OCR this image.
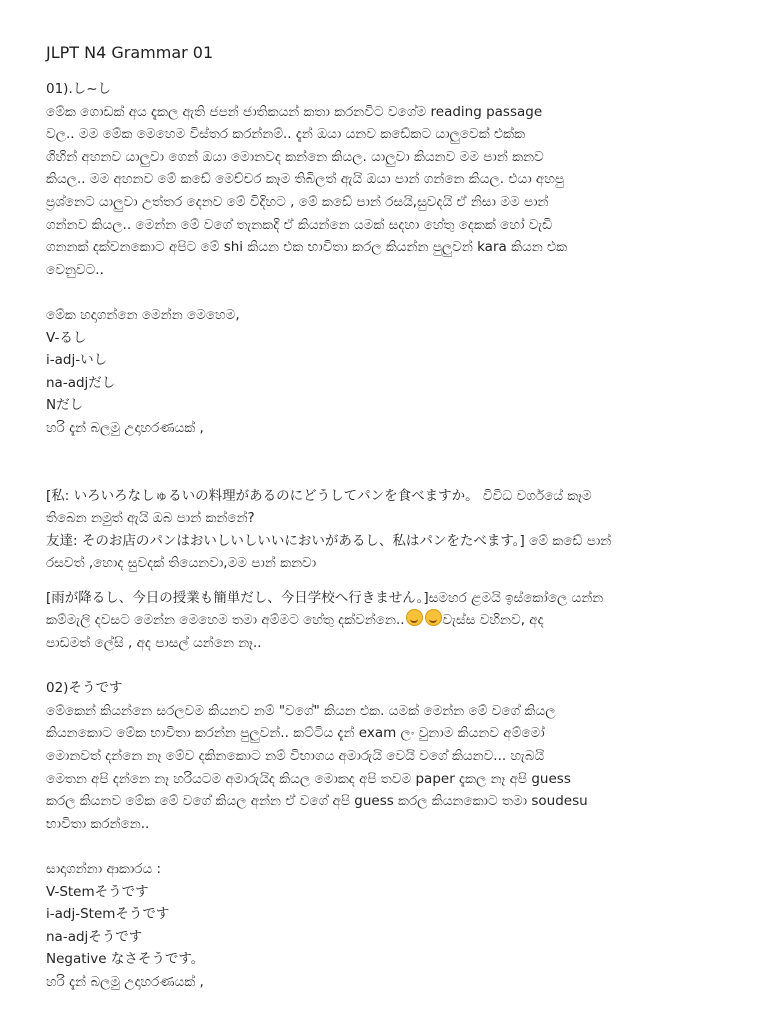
JLPT N4 Grammar 01
01).し~し
මේක ගොඩක් අය දැකල ඇති ජපන් ජාතිකයන් කතා කරනවිට වගේම reading passage
වල.. මම මේක මෙහෙම විස්තර කරන්නම්.. දැන් ඔයා යනව කඩේකට යාලුවෙක් එක්ක
ගිහින් අහනව යාලුවා ගෙන් ඔයා මොනවද කන්නෙ කියල. යාලුවා කියනව මම පාන් කනව
කියල.. මම අහනව මේ කඩේ මෙච්චර කෑම තිබිලත් ඇයි ඔයා පාන් ගන්නෙ කියල. එයා අහපු
ප්‍රශ්නෙට යාලුවා උත්තර දෙනව මේ විදිහට , මේ කඩේ පාන් රසයි,සුවදයි ඒ නිසා මම පාන්
ගන්නව කියල.. මෙන්න මේ වගේ තැනකදි ඒ කියන්නෙ යමක් සදහා හේතු දෙකක් හෝ වැඩි
ගනනක් දක්වනකොට අපිට මේ shi කියන එක භාවිතා කරල කියන්න පුලුවන් kara කියන එක
වෙනුවට..
මේක හදාගන්නෙ මෙන්න මෙහෙම,
V-るし
i-adj-いし
na-adjだし
Nだし
හරි දැන් බලමු උදාහරණයක් ,
[私: いろいろなしゅるいの料理があるのにどうしてパンを食べますか。 විවිධ වර්ගයේ කෑම
තිබෙන නමුත් ඇයි ඔබ පාන් කන්නේ?
友達: そのお店のパンはおいしいしいいにおいがあるし、私はパンをたべます。] මේ කඩේ පාන්
රසවත් ,හොද සුවදක් තියෙනවා,මම පාන් කනවා
[雨が降るし、今日の授業も簡単だし、今日学校へ行きません。]සමහර ළමයි ඉස්කෝලෙ යන්න
කම්මැලි දවසට මෙන්න මෙහෙම තමා අම්මට හේතු දක්වන්නෙ..	වැස්ස වහිනව, අද
පාඩමත් ලේසි , අද පාසල් යන්නෙ නෑ..
02)そうです
මේකෙන් කියන්නෙ සරලවම කියනව නම් "වගේ" කියන එක. යමක් මෙන්න මේ වගේ කියල
කියනකොට මේක භාවිතා කරන්න පුලුවන්.. කට්ටිය දැන් exam ලං වුනාම කියනව අම්මෝ
මොනවත් දන්නෙ නෑ මේව දකිනකොට නම් විභාගය අමාරුයි වෙයි වගේ කියනව... හැබයි
මෙතන අපි දන්නෙ නෑ හරියටම අමාරුයිද කියල මොකද අපි තවම paper දැකල නෑ අපි guess
කරල කියනව මේක මේ වගේ කියල අන්න ඒ වගේ අපි guess කරල කියනකොට තමා soudesu
භාවිතා කරන්නෙ..
සාදාගන්නා ආකාරය :
V-Stemそうです
i-adj-Stemそうです
na-adjそうです
Negative なさそうです。
හරි දැන් බලමු උදාහරණයක් ,
